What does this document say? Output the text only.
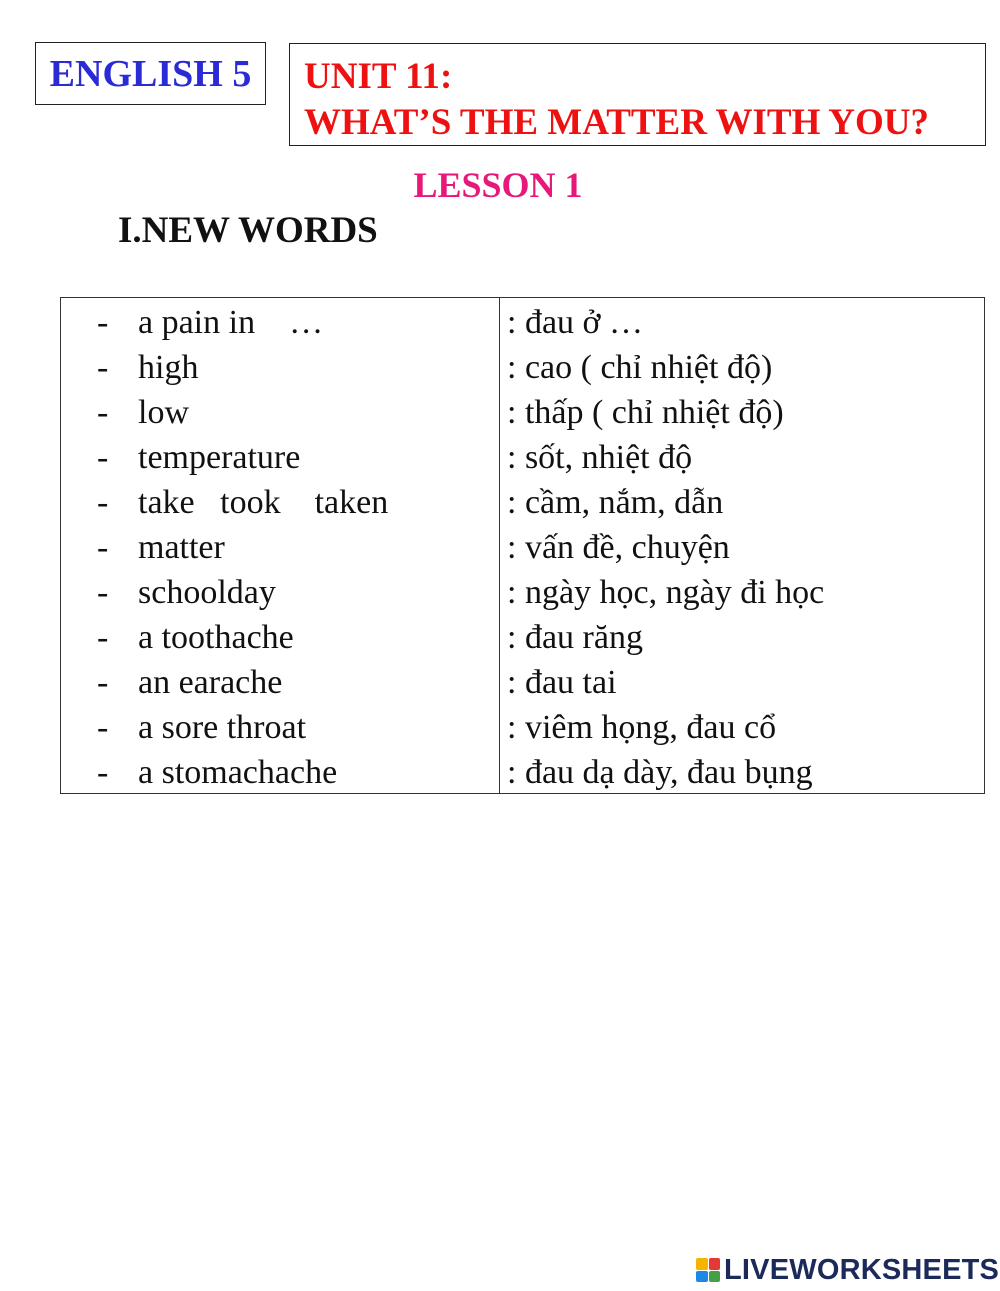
ENGLISH 5 UNIT 11:
WHAT’S THE MATTER WITH YOU?
LESSON 1
I.NEW WORDS
- a pain in    …	: đau ở …
- high	: cao ( chỉ nhiệt độ)
- low	: thấp ( chỉ nhiệt độ)
- temperature	: sốt, nhiệt độ
- take   took    taken	: cầm, nắm, dẫn
- matter	: vấn đề, chuyện
- schoolday	: ngày học, ngày đi học
- a toothache	: đau răng
- an earache	: đau tai
- a sore throat	: viêm họng, đau cổ
- a stomachache	: đau dạ dày, đau bụng
LIVEWORKSHEETS
